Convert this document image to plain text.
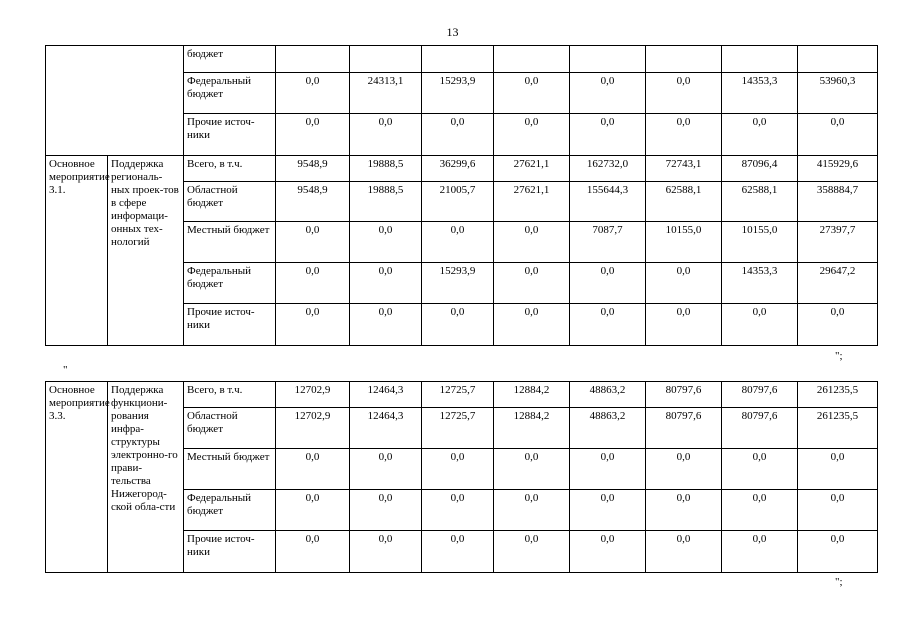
13
		бюджет								
		Федеральный бюджет	0,0	24313,1	15293,9	0,0	0,0	0,0	14353,3	53960,3
		Прочие источ-ники	0,0	0,0	0,0	0,0	0,0	0,0	0,0	0,0
Основное мероприятие 3.1.	Поддержка региональ-ных проек-тов в сфере информаци-онных тех-нологий	Всего, в т.ч.	9548,9	19888,5	36299,6	27621,1	162732,0	72743,1	87096,4	415929,6
		Областной бюджет	9548,9	19888,5	21005,7	27621,1	155644,3	62588,1	62588,1	358884,7
		Местный бюджет	0,0	0,0	0,0	0,0	7087,7	10155,0	10155,0	27397,7
		Федеральный бюджет	0,0	0,0	15293,9	0,0	0,0	0,0	14353,3	29647,2
		Прочие источ-ники	0,0	0,0	0,0	0,0	0,0	0,0	0,0	0,0
";
"
Основное мероприятие 3.3.	Поддержка функциони-рования инфра-структуры электронно-го прави-тельства Нижегород-ской обла-сти	Всего, в т.ч.	12702,9	12464,3	12725,7	12884,2	48863,2	80797,6	80797,6	261235,5
		Областной бюджет	12702,9	12464,3	12725,7	12884,2	48863,2	80797,6	80797,6	261235,5
		Местный бюджет	0,0	0,0	0,0	0,0	0,0	0,0	0,0	0,0
		Федеральный бюджет	0,0	0,0	0,0	0,0	0,0	0,0	0,0	0,0
		Прочие источ-ники	0,0	0,0	0,0	0,0	0,0	0,0	0,0	0,0
";
